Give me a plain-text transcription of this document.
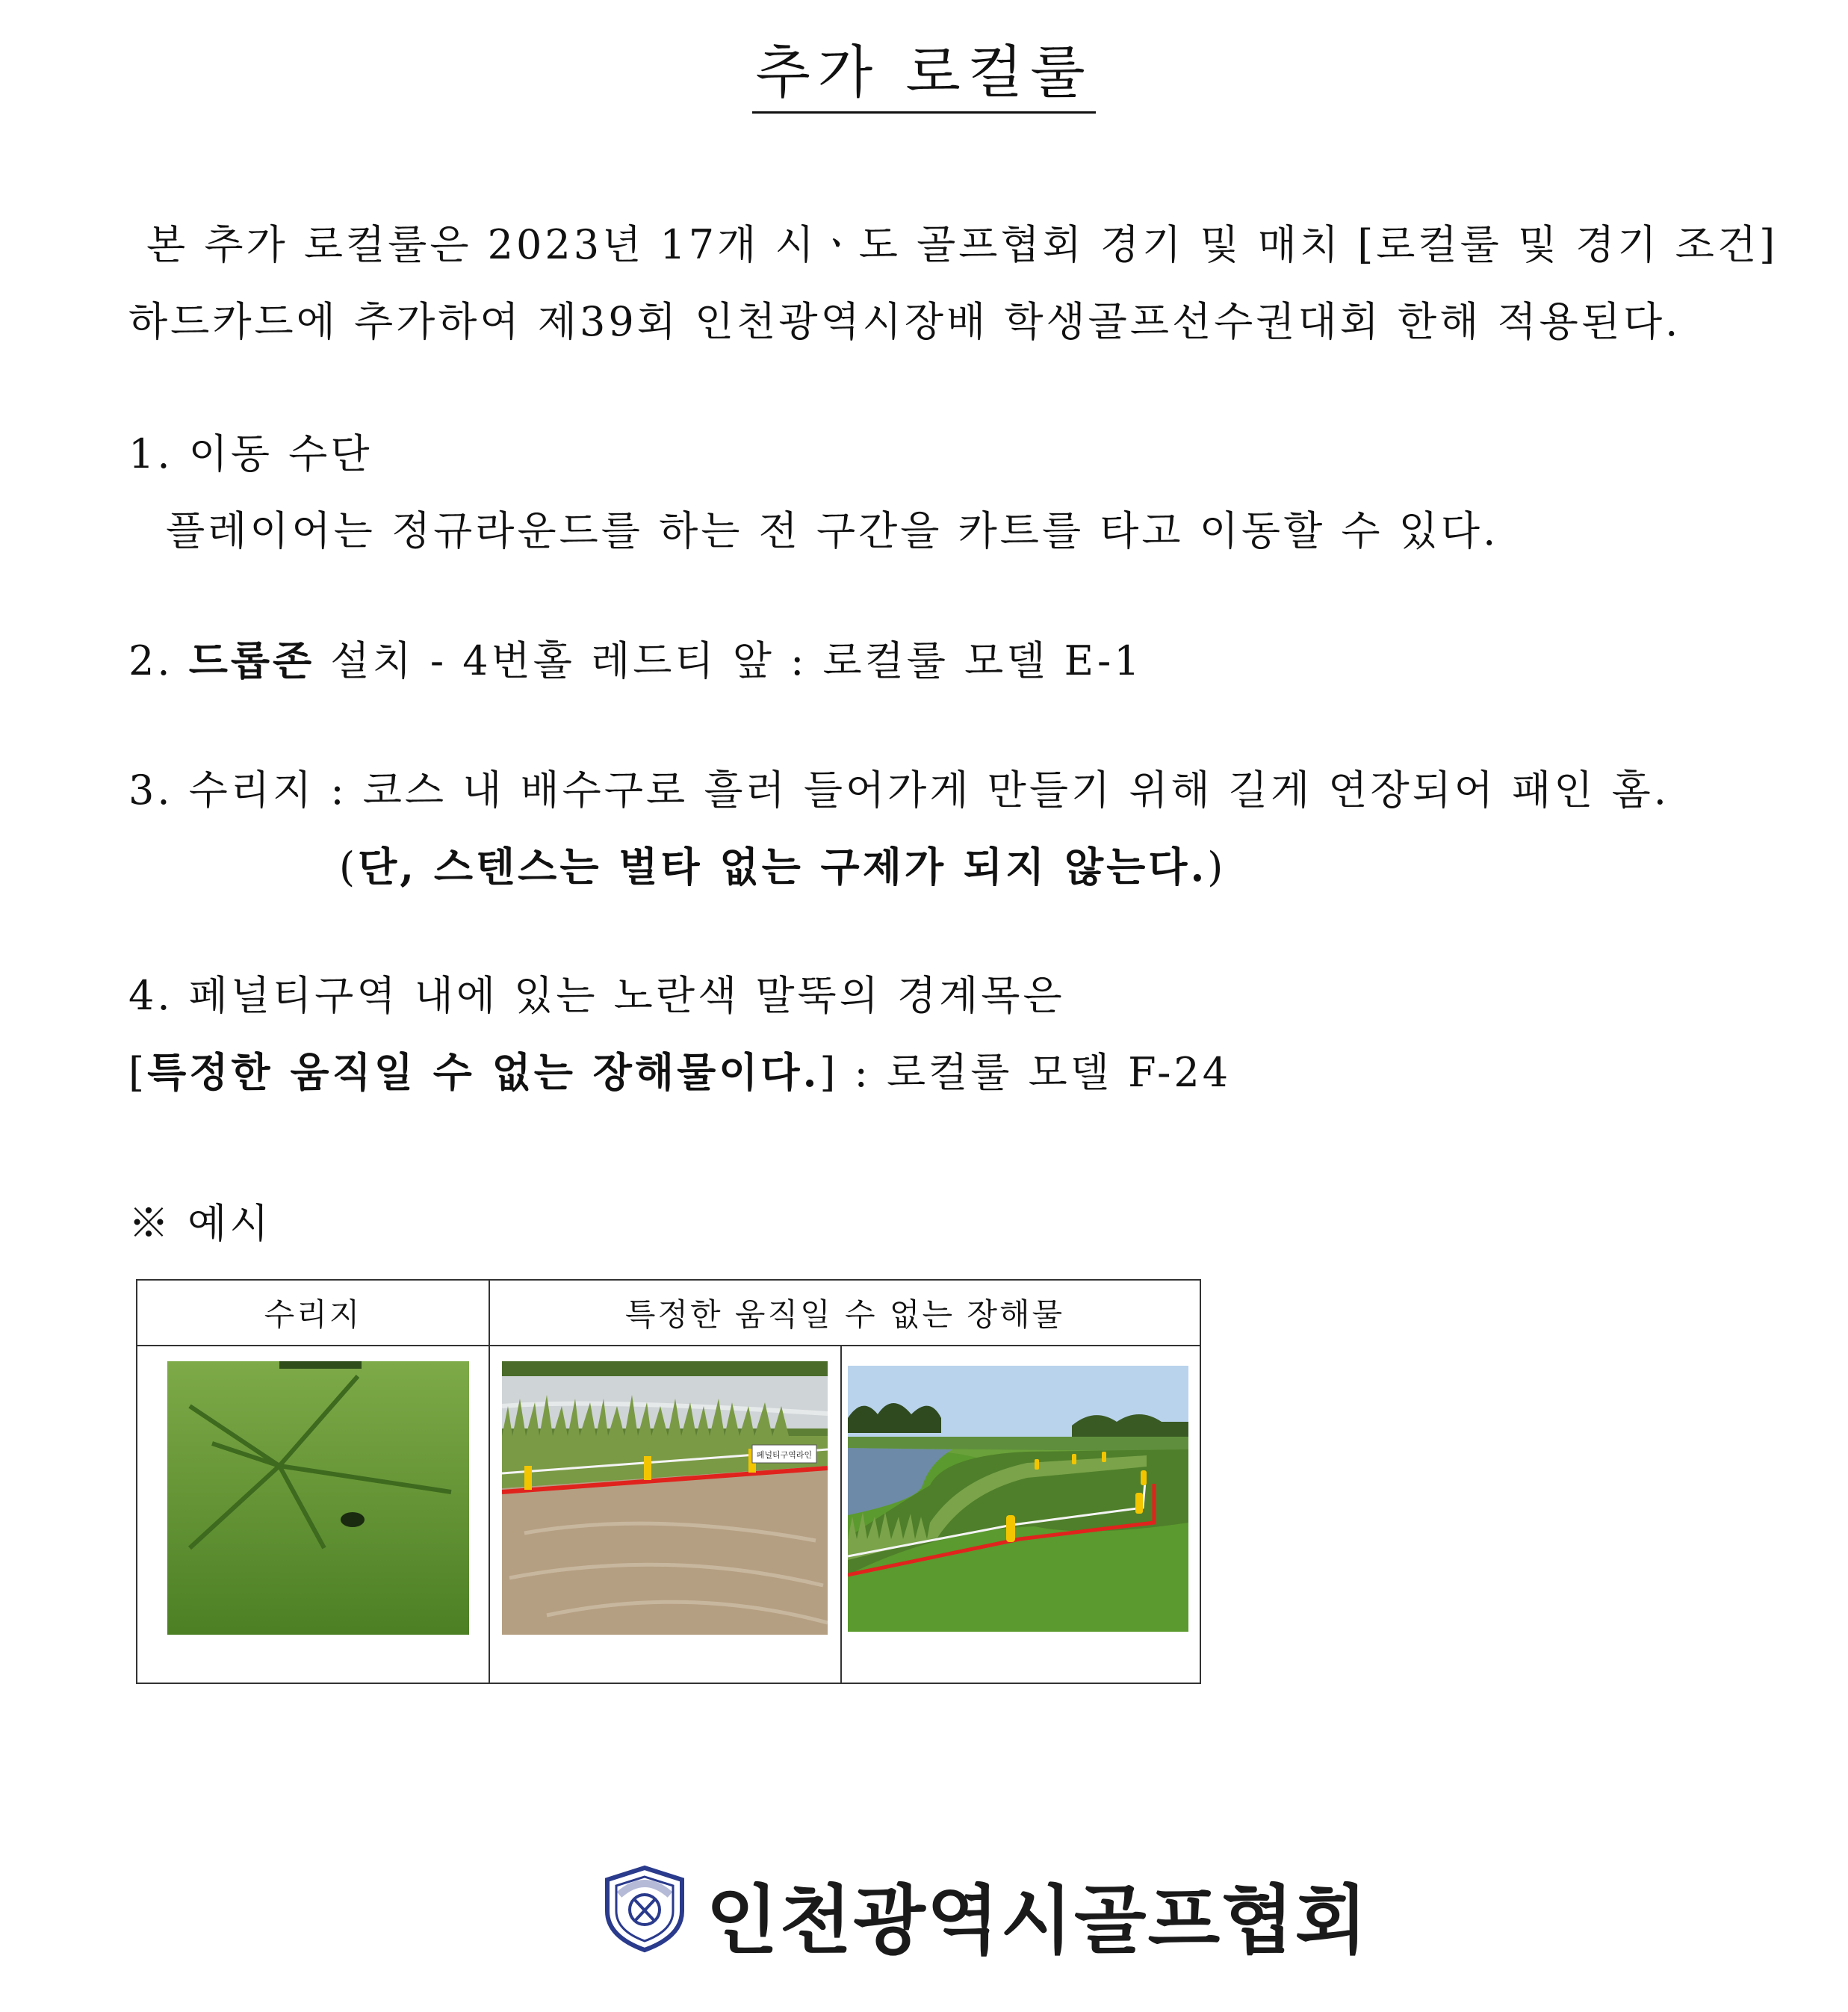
추가 로컬룰
본 추가 로컬룰은 2023년 17개 시ㆍ도 골프협회 경기 및 매치 [로컬룰 및 경기 조건]
하드카드에 추가하여 제39회 인천광역시장배 학생골프선수권대회 한해 적용된다.
1. 이동 수단
플레이어는 정규라운드를 하는 전 구간을 카트를 타고 이동할 수 있다.
2. 드롭존 설치 - 4번홀 레드티 앞 : 로컬룰 모델 E-1
3. 수리지 : 코스 내 배수구로 흘러 들어가게 만들기 위해 길게 연장되어 패인 홈.
(단, 스텐스는 벌타 없는 구제가 되지 않는다.)
4. 페널티구역 내에 있는 노란색 말뚝의 경계목은
[특정한 움직일 수 없는 장해물이다.] : 로컬룰 모델 F-24
※ 예시
수리지	특정한 움직일 수 없는 장해물	

페널티구역라인

인천광역시골프협회
